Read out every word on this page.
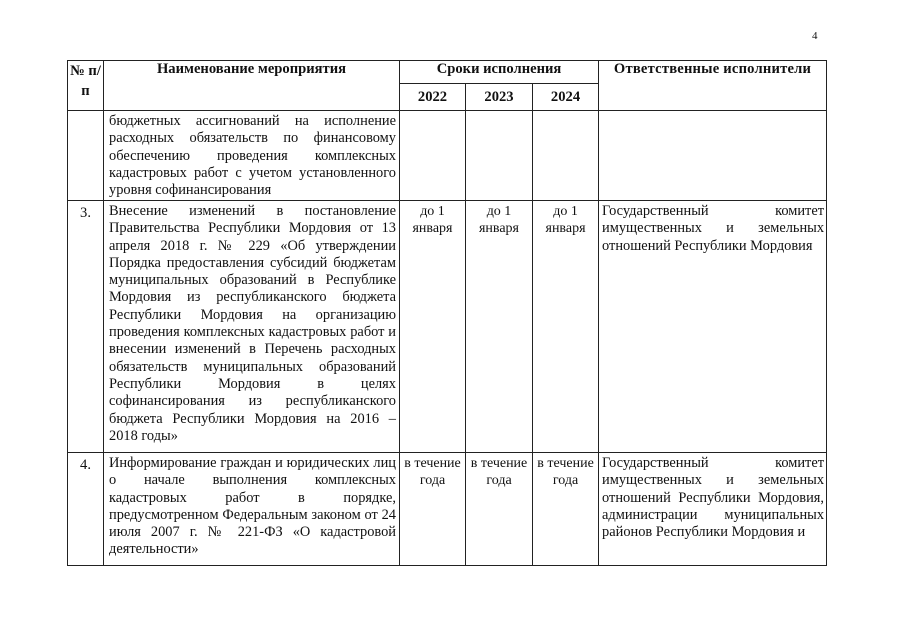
4
№ п/п	Наименование мероприятия	Сроки исполнения			Ответственные исполнители
		2022	2023	2024	
	бюджетных ассигнований на исполнение расходных обязательств по финансовому обеспечению проведения комплексных кадастровых работ с учетом установленного уровня софинансирования				
3.	Внесение изменений в постановление Правительства Республики Мордовия от 13 апреля 2018 г. № 229 «Об утверждении Порядка предоставления субсидий бюджетам муниципальных образований в Республике Мордовия из республиканского бюджета Республики Мордовия на организацию проведения комплексных кадастровых работ и внесении изменений в Перечень расходных обязательств муниципальных образований Республики Мордовия в целях софинансирования из республиканского бюджета Республики Мордовия на 2016 – 2018 годы»	до 1 января	до 1 января	до 1 января	Государственный комитет имущественных и земельных отношений Республики Мордовия
4.	Информирование граждан и юридических лиц о начале выполнения комплексных кадастровых работ в порядке, предусмотренном Федеральным законом от 24 июля 2007 г. № 221-ФЗ «О кадастровой деятельности»	в течение года	в течение года	в течение года	Государственный комитет имущественных и земельных отношений Республики Мордовия, администрации муниципальных районов Республики Мордовия и
